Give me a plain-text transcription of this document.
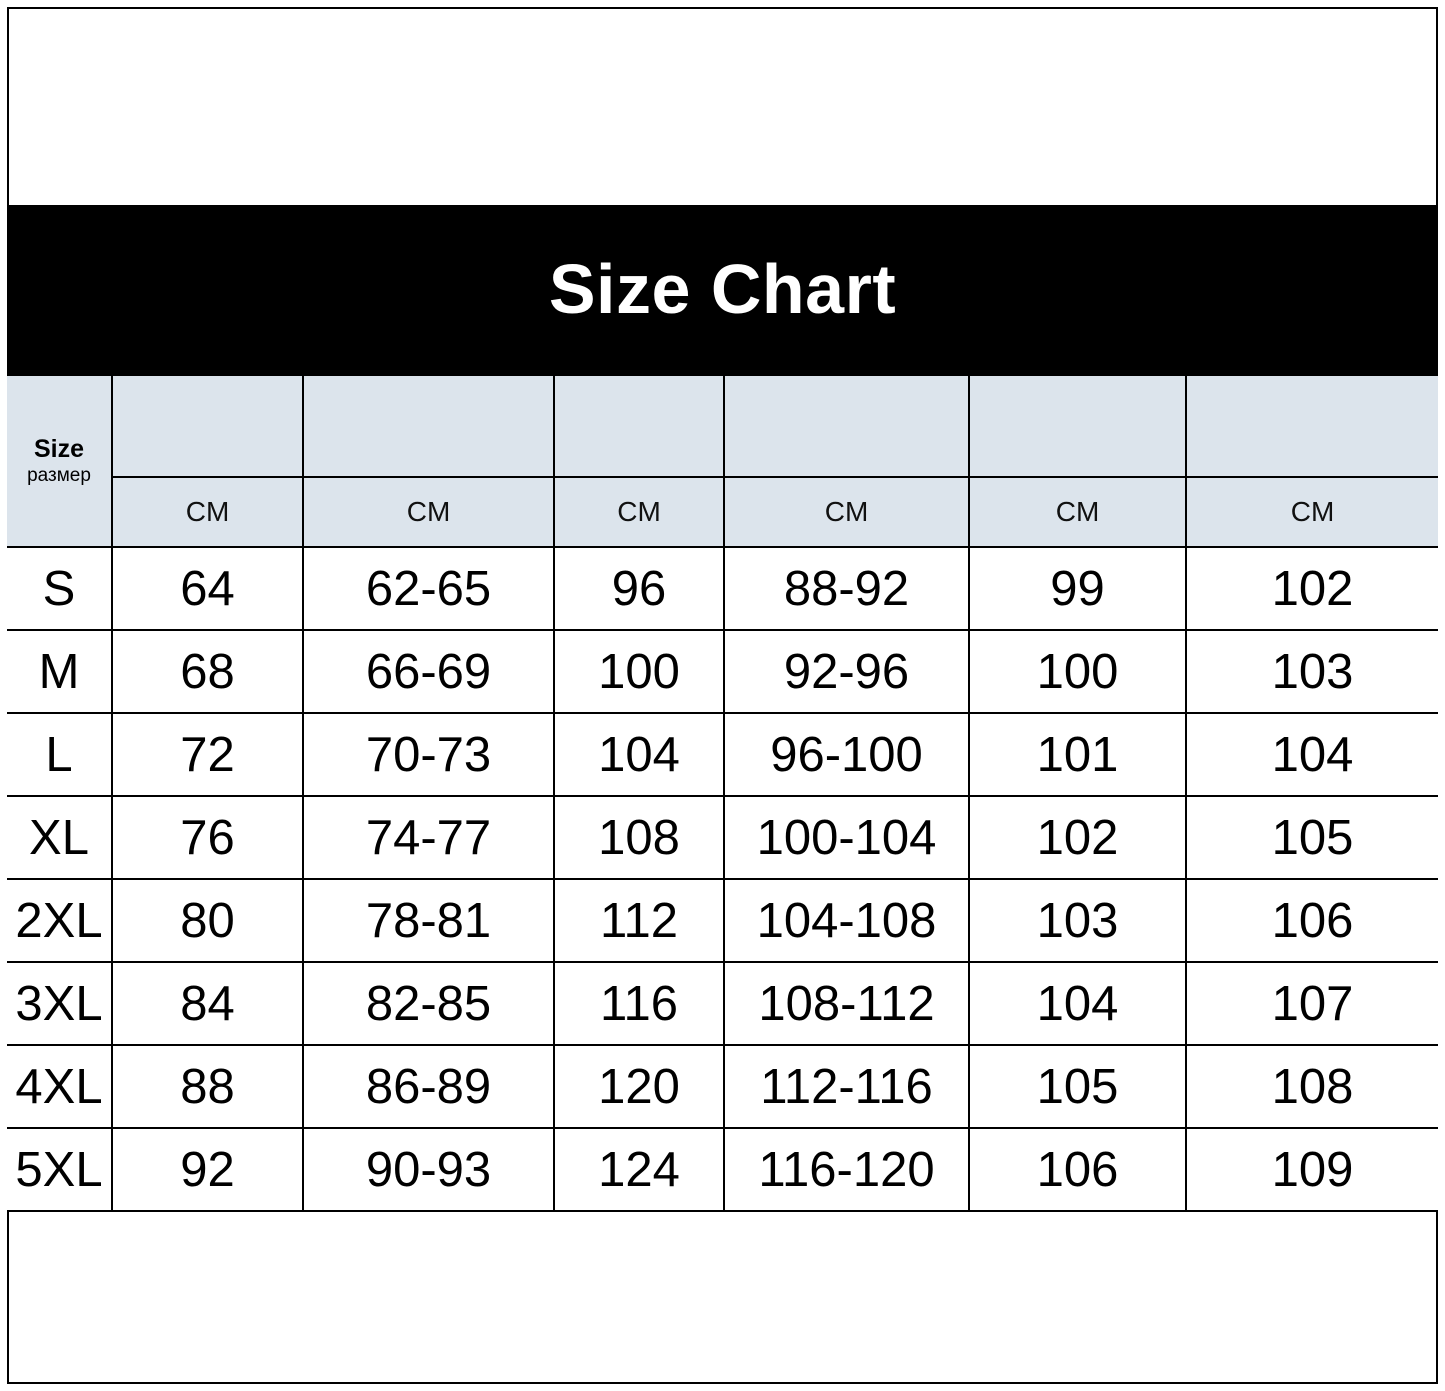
Size Chart
Size
размер						

	CM	CM	CM	CM	CM	CM
S	64	62-65	96	88-92	99	102
M	68	66-69	100	92-96	100	103
L	72	70-73	104	96-100	101	104
XL	76	74-77	108	100-104	102	105
2XL	80	78-81	112	104-108	103	106
3XL	84	82-85	116	108-112	104	107
4XL	88	86-89	120	112-116	105	108
5XL	92	90-93	124	116-120	106	109
